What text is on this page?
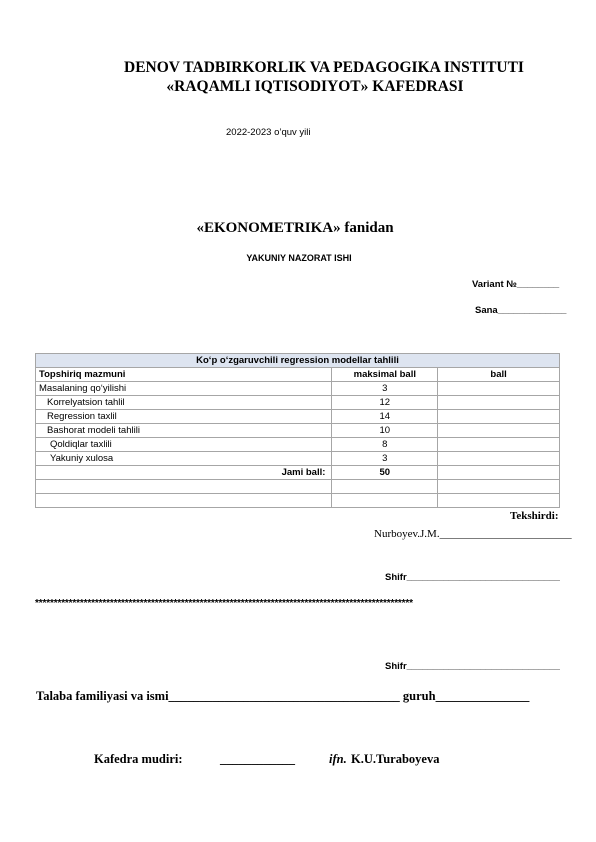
DENOV TADBIRKORLIK VA PEDAGOGIKA INSTITUTI
«RAQAMLI IQTISODIYOT» KAFEDRASI
2022-2023 o’quv yili
«EKONOMETRIKA» fanidan
YAKUNIY NAZORAT ISHI
Variant №________
Sana_____________
Ko‘p o‘zgaruvchili regression modellar tahlili		
Topshiriq mazmuni	maksimal ball	ball
Masalaning qo‘yilishi	3	
Korrelyatsion tahlil	12	
Regression taxlil	14	
Bashorat modeli tahlili	10	
Qoldiqlar taxlili	8	
Yakuniy xulosa	3	
Jami ball:	50	

Tekshirdi:
Nurboyev.J.M.________________________
Shifr_____________________________
*****************************************************************************************************
Shifr_____________________________
Talaba familiyasi va ismi_____________________________________ guruh_______________
Kafedra mudiri:	____________	ifn. K.U.Turaboyeva
